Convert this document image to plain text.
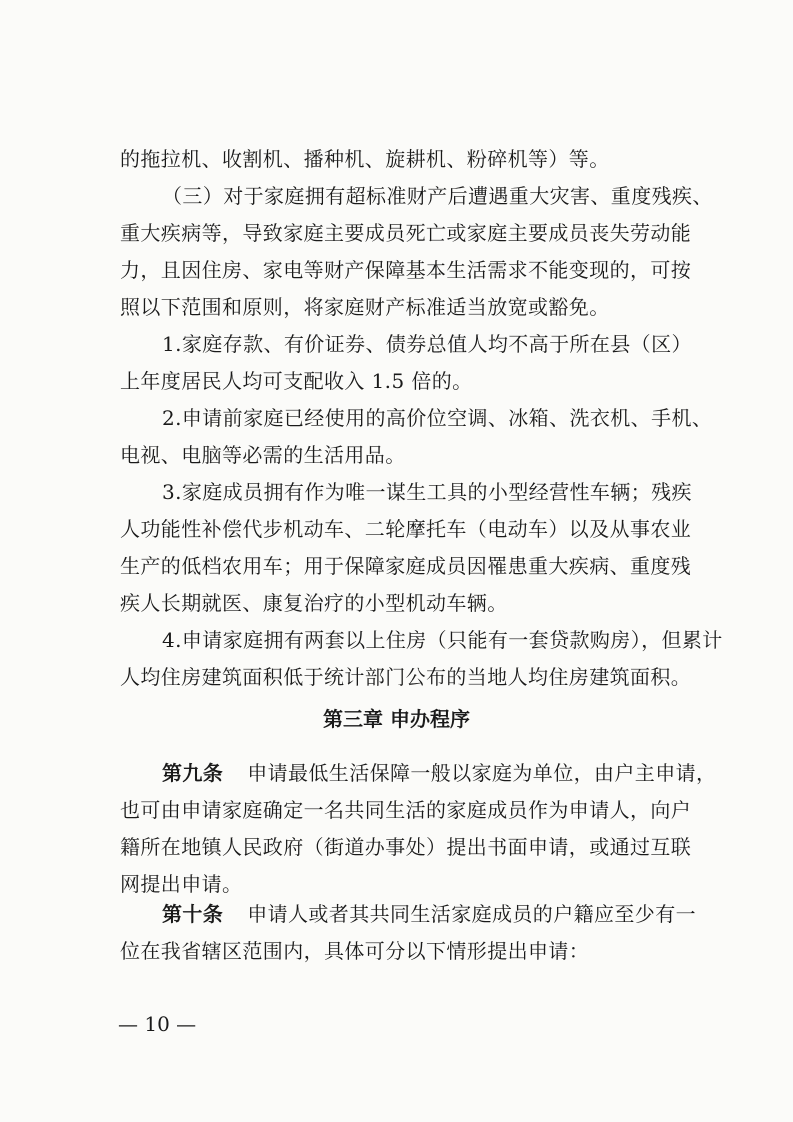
的拖拉机、收割机、播种机、旋耕机、粉碎机等）等。

（三）对于家庭拥有超标准财产后遭遇重大灾害、重度残疾、
重大疾病等，导致家庭主要成员死亡或家庭主要成员丧失劳动能
力，且因住房、家电等财产保障基本生活需求不能变现的，可按
照以下范围和原则，将家庭财产标准适当放宽或豁免。

1.家庭存款、有价证券、债券总值人均不高于所在县（区）
上年度居民人均可支配收入 1.5 倍的。

2.申请前家庭已经使用的高价位空调、冰箱、洗衣机、手机、
电视、电脑等必需的生活用品。

3.家庭成员拥有作为唯一谋生工具的小型经营性车辆；残疾
人功能性补偿代步机动车、二轮摩托车（电动车）以及从事农业
生产的低档农用车；用于保障家庭成员因罹患重大疾病、重度残
疾人长期就医、康复治疗的小型机动车辆。

4.申请家庭拥有两套以上住房（只能有一套贷款购房），但累计
人均住房建筑面积低于统计部门公布的当地人均住房建筑面积。

第三章 申办程序

第九条 申请最低生活保障一般以家庭为单位，由户主申请，
也可由申请家庭确定一名共同生活的家庭成员作为申请人，向户
籍所在地镇人民政府（街道办事处）提出书面申请，或通过互联
网提出申请。

第十条 申请人或者其共同生活家庭成员的户籍应至少有一
位在我省辖区范围内，具体可分以下情形提出申请：

— 10 —
